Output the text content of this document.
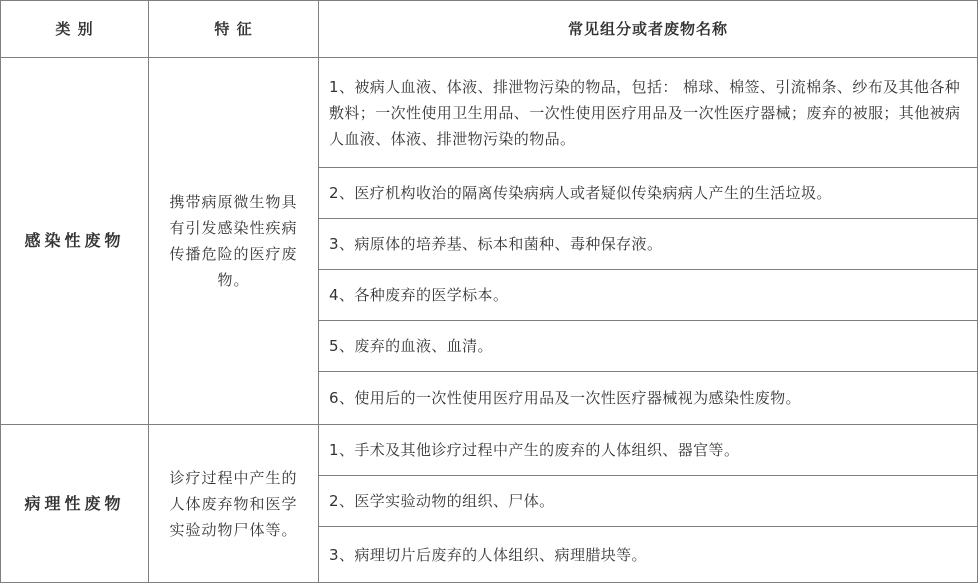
类 别	特 征	常见组分或者废物名称
感染性废物	携带病原微生物具有引发感染性疾病传播危险的医疗废物。	1、被病人血液、体液、排泄物污染的物品，包括： 棉球、棉签、引流棉条、纱布及其他各种敷料；一次性使用卫生用品、一次性使用医疗用品及一次性医疗器械；废弃的被服；其他被病人血液、体液、排泄物污染的物品。
		2、医疗机构收治的隔离传染病病人或者疑似传染病病人产生的生活垃圾。
		3、病原体的培养基、标本和菌种、毒种保存液。
		4、各种废弃的医学标本。
		5、废弃的血液、血清。
		6、使用后的一次性使用医疗用品及一次性医疗器械视为感染性废物。
病理性废物	诊疗过程中产生的人体废弃物和医学实验动物尸体等。	1、手术及其他诊疗过程中产生的废弃的人体组织、器官等。
		2、医学实验动物的组织、尸体。
		3、病理切片后废弃的人体组织、病理腊块等。
